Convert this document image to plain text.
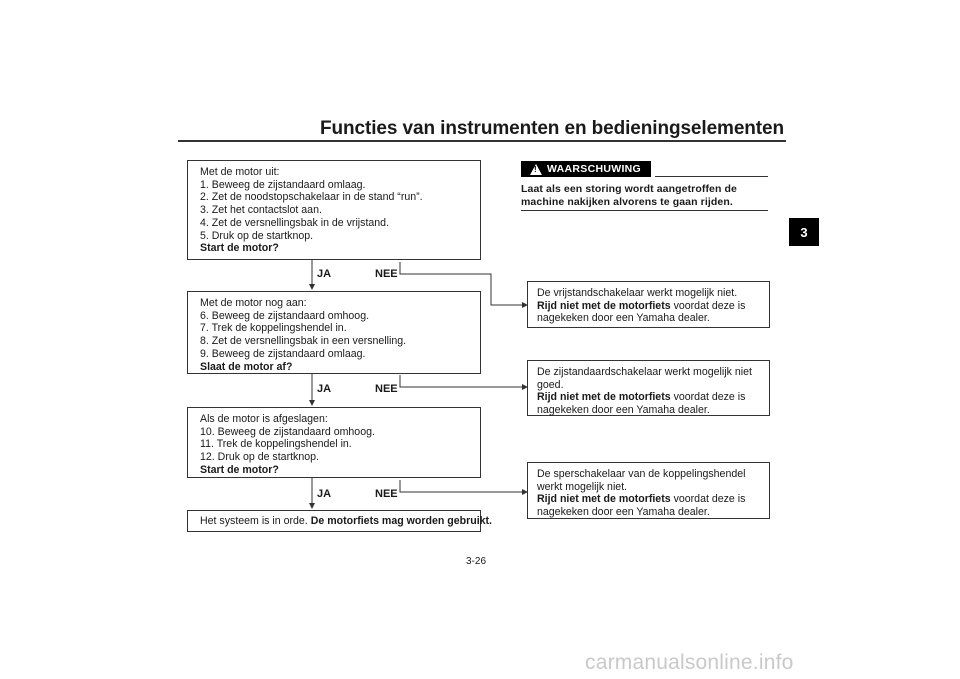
Functies van instrumenten en bedieningselementen
3
Met de motor uit:
1. Beweeg de zijstandaard omlaag.
2. Zet de noodstopschakelaar in de stand “run”.
3. Zet het contactslot aan.
4. Zet de versnellingsbak in de vrijstand.
5. Druk op de startknop.
Start de motor?
JA	NEE
Met de motor nog aan:
6. Beweeg de zijstandaard omhoog.
7. Trek de koppelingshendel in.
8. Zet de versnellingsbak in een versnelling.
9. Beweeg de zijstandaard omlaag.
Slaat de motor af?
JA	NEE
Als de motor is afgeslagen:
10. Beweeg de zijstandaard omhoog.
11. Trek de koppelingshendel in.
12. Druk op de startknop.
Start de motor?
JA	NEE
Het systeem is in orde. De motorfiets mag worden gebruikt.
! WAARSCHUWING
Laat als een storing wordt aangetroffen de
machine nakijken alvorens te gaan rijden.
De vrijstandschakelaar werkt mogelijk niet.
Rijd niet met de motorfiets voordat deze is
nagekeken door een Yamaha dealer.
De zijstandaardschakelaar werkt mogelijk niet
goed.
Rijd niet met de motorfiets voordat deze is
nagekeken door een Yamaha dealer.
De sperschakelaar van de koppelingshendel
werkt mogelijk niet.
Rijd niet met de motorfiets voordat deze is
nagekeken door een Yamaha dealer.
3-26
carmanualsonline.info
